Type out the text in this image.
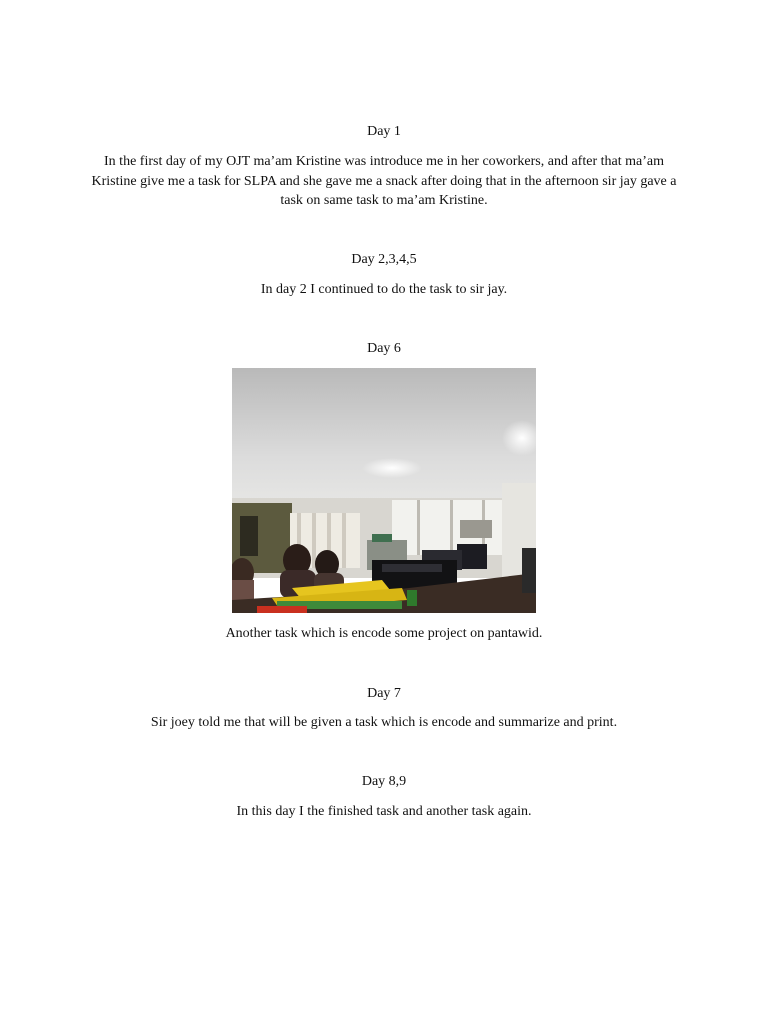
Day 1

In the first day of my OJT ma’am Kristine was introduce me in her coworkers, and after that ma’am Kristine give me a task for SLPA and she gave me a snack after doing that in the afternoon sir jay gave a task on same task to ma’am Kristine.

Day 2,3,4,5

In day 2 I continued to do the task to sir jay.

Day 6

Another task which is encode some project on pantawid.

Day 7

Sir joey told me that will be given a task which is encode and summarize and print.

Day 8,9

In this day I the finished task and another task again.
